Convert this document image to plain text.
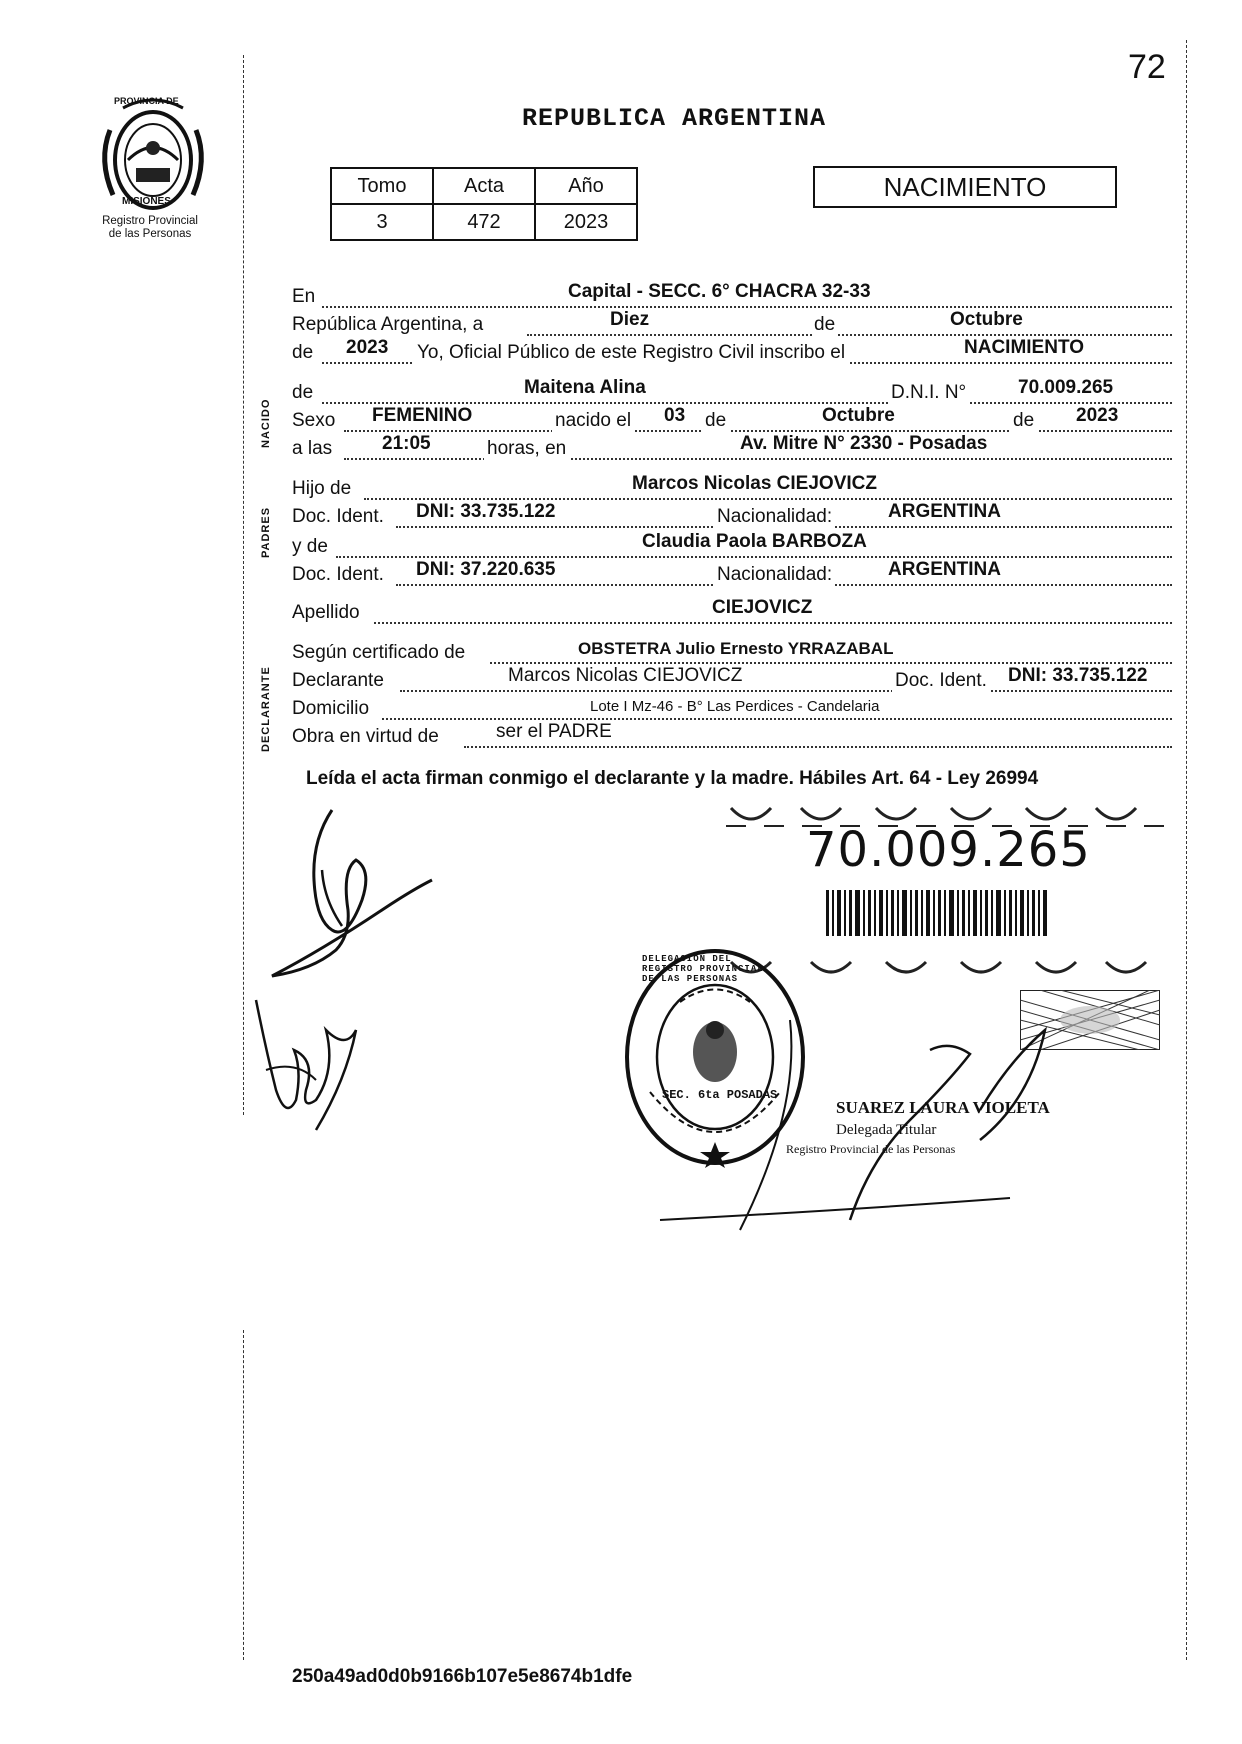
72
PROVINCIA DE
MISIONES
Registro Provincial
de las Personas
REPUBLICA ARGENTINA
Tomo	Acta	Año
3	472	2023
NACIMIENTO
NACIDO
PADRES
DECLARANTE
En	Capital - SECC. 6° CHACRA 32-33
República Argentina, a	Diez	de	Octubre
de 2023 Yo, Oficial Público de este Registro Civil inscribo el	NACIMIENTO
de	Maitena Alina	D.N.I. N°	70.009.265
Sexo FEMENINO	nacido el 03 de	Octubre	de 2023
a las	21:05	horas, en	Av. Mitre N° 2330 - Posadas
Hijo de	Marcos Nicolas CIEJOVICZ
Doc. Ident. DNI: 33.735.122	Nacionalidad:	ARGENTINA
y de	Claudia Paola BARBOZA
Doc. Ident. DNI: 37.220.635	Nacionalidad:	ARGENTINA
Apellido	CIEJOVICZ
Según certificado de	OBSTETRA Julio Ernesto YRRAZABAL
Declarante	Marcos Nicolas CIEJOVICZ	Doc. Ident. DNI: 33.735.122
Domicilio	Lote I Mz-46 - B° Las Perdices - Candelaria
Obra en virtud de	ser el PADRE
Leída el acta firman conmigo el declarante y la madre. Hábiles Art. 64 - Ley 26994
70.009.265
DELEGACION DEL REGISTRO PROVINCIAL DE LAS PERSONAS
SEC. 6ta POSADAS
SUAREZ LAURA VIOLETA
Delegada Titular
Registro Provincial de las Personas
250a49ad0d0b9166b107e5e8674b1dfe
